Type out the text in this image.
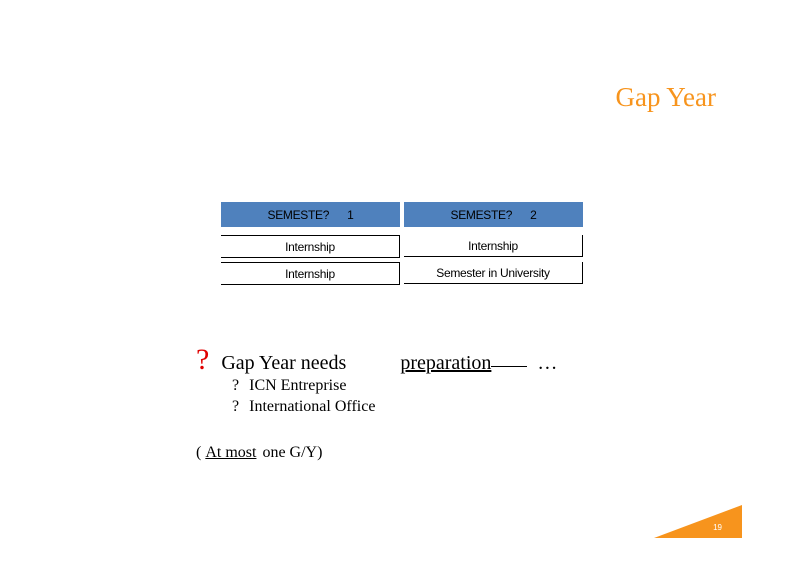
Gap Year
SEMESTE? 1	SEMESTE? 2
Internship	Internship
Internship	Semester in University
? Gap Year needs	preparation …
? ICN Entreprise
? International Office
( At most one G/Y)
19
